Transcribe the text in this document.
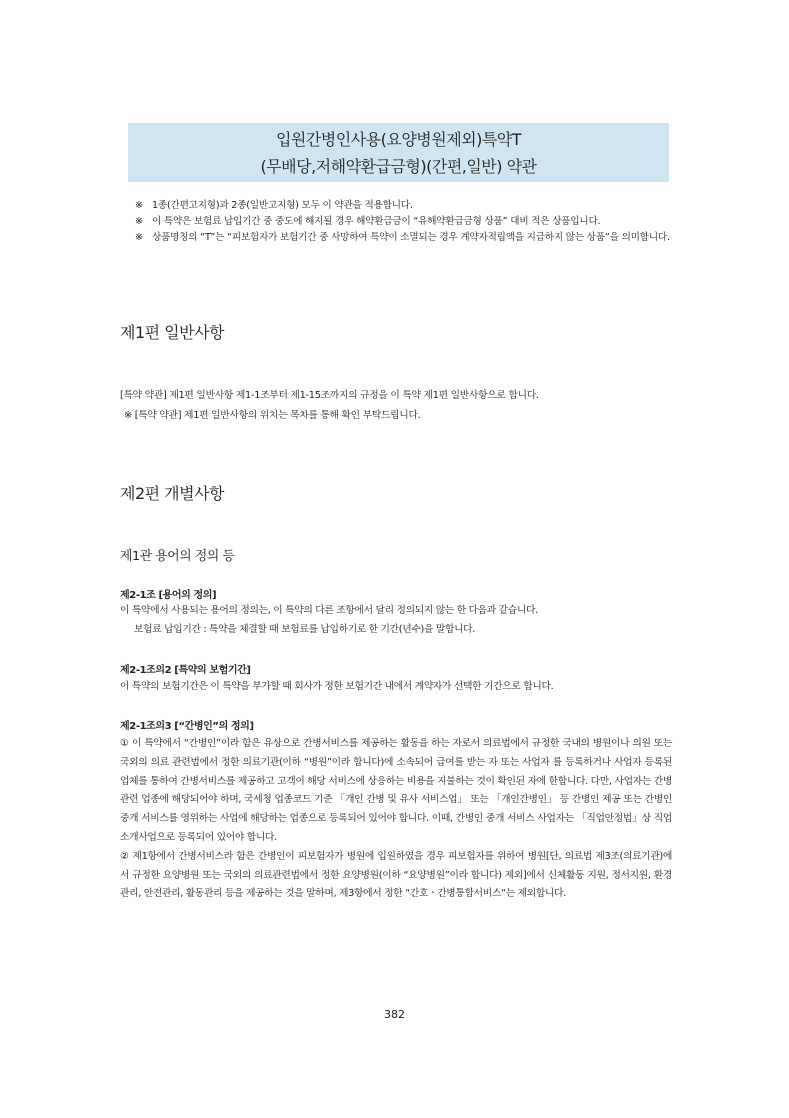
입원간병인사용(요양병원제외)특약T
(무배당,저해약환급금형)(간편,일반) 약관
※ 1종(간편고지형)과 2종(일반고지형) 모두 이 약관을 적용합니다.
※ 이 특약은 보험료 납입기간 중 중도에 해지될 경우 해약환급금이 “유해약환급금형 상품” 대비 적은 상품입니다.
※ 상품명칭의 “T”는 “피보험자가 보험기간 중 사망하여 특약이 소멸되는 경우 계약자적립액을 지급하지 않는 상품”을 의미합니다.
제1편 일반사항
[특약 약관] 제1편 일반사항 제1-1조부터 제1-15조까지의 규정을 이 특약 제1편 일반사항으로 합니다.
※ [특약 약관] 제1편 일반사항의 위치는 목차를 통해 확인 부탁드립니다.
제2편 개별사항
제1관 용어의 정의 등
제2-1조 [용어의 정의]
이 특약에서 사용되는 용어의 정의는, 이 특약의 다른 조항에서 달리 정의되지 않는 한 다음과 같습니다.
보험료 납입기간 : 특약을 체결할 때 보험료를 납입하기로 한 기간(년수)을 말합니다.
제2-1조의2 [특약의 보험기간]
이 특약의 보험기간은 이 특약을 부가할 때 회사가 정한 보험기간 내에서 계약자가 선택한 기간으로 합니다.
제2-1조의3 [“간병인”의 정의]
① 이 특약에서 “간병인”이라 함은 유상으로 간병서비스를 제공하는 활동을 하는 자로서 의료법에서 규정한 국내의 병원이나 의원 또는 국외의 의료 관련법에서 정한 의료기관(이하 “병원”이라 합니다)에 소속되어 급여를 받는 자 또는 사업자 를 등록하거나 사업자 등록된 업체를 통하여 간병서비스를 제공하고 고객이 해당 서비스에 상응하는 비용을 지불하는 것이 확인된 자에 한합니다. 다만, 사업자는 간병관련 업종에 해당되어야 하며, 국세청 업종코드 기준 「개인 간병 및 유사 서비스업」 또는 「개인간병인」 등 간병인 제공 또는 간병인 중개 서비스를 영위하는 사업에 해당하는 업종으로 등록되어 있어야 합니다. 이때, 간병인 중개 서비스 사업자는 「직업안정법」상 직업소개사업으로 등록되어 있어야 합니다.
② 제1항에서 간병서비스라 함은 간병인이 피보험자가 병원에 입원하였을 경우 피보험자를 위하여 병원[단, 의료법 제3조(의료기관)에서 규정한 요양병원 또는 국외의 의료관련법에서 정한 요양병원(이하 “요양병원”이라 합니다) 제외]에서 신체활동 지원, 정서지원, 환경관리, 안전관리, 활동관리 등을 제공하는 것을 말하며, 제3항에서 정한 “간호ㆍ간병통합서비스”는 제외합니다.
382
